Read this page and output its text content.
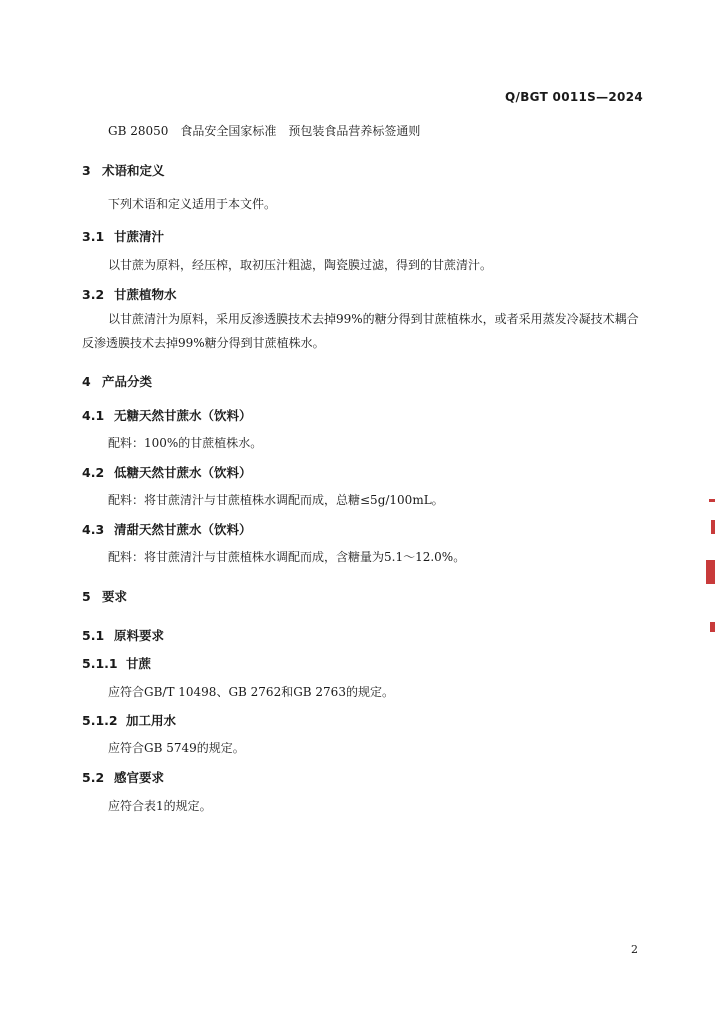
Q/BGT 0011S—2024
GB 28050　食品安全国家标准　预包装食品营养标签通则
3 术语和定义
下列术语和定义适用于本文件。
3.1 甘蔗清汁
以甘蔗为原料，经压榨，取初压汁粗滤，陶瓷膜过滤，得到的甘蔗清汁。
3.2 甘蔗植物水
以甘蔗清汁为原料，采用反渗透膜技术去掉99%的糖分得到甘蔗植株水，或者采用蒸发冷凝技术耦合反渗透膜技术去掉99%糖分得到甘蔗植株水。
4 产品分类
4.1 无糖天然甘蔗水（饮料）
配料：100%的甘蔗植株水。
4.2 低糖天然甘蔗水（饮料）
配料：将甘蔗清汁与甘蔗植株水调配而成，总糖≤5g/100mL。
4.3 清甜天然甘蔗水（饮料）
配料：将甘蔗清汁与甘蔗植株水调配而成，含糖量为5.1～12.0%。
5 要求
5.1 原料要求
5.1.1 甘蔗
应符合GB/T 10498、GB 2762和GB 2763的规定。
5.1.2 加工用水
应符合GB 5749的规定。
5.2 感官要求
应符合表1的规定。
2
